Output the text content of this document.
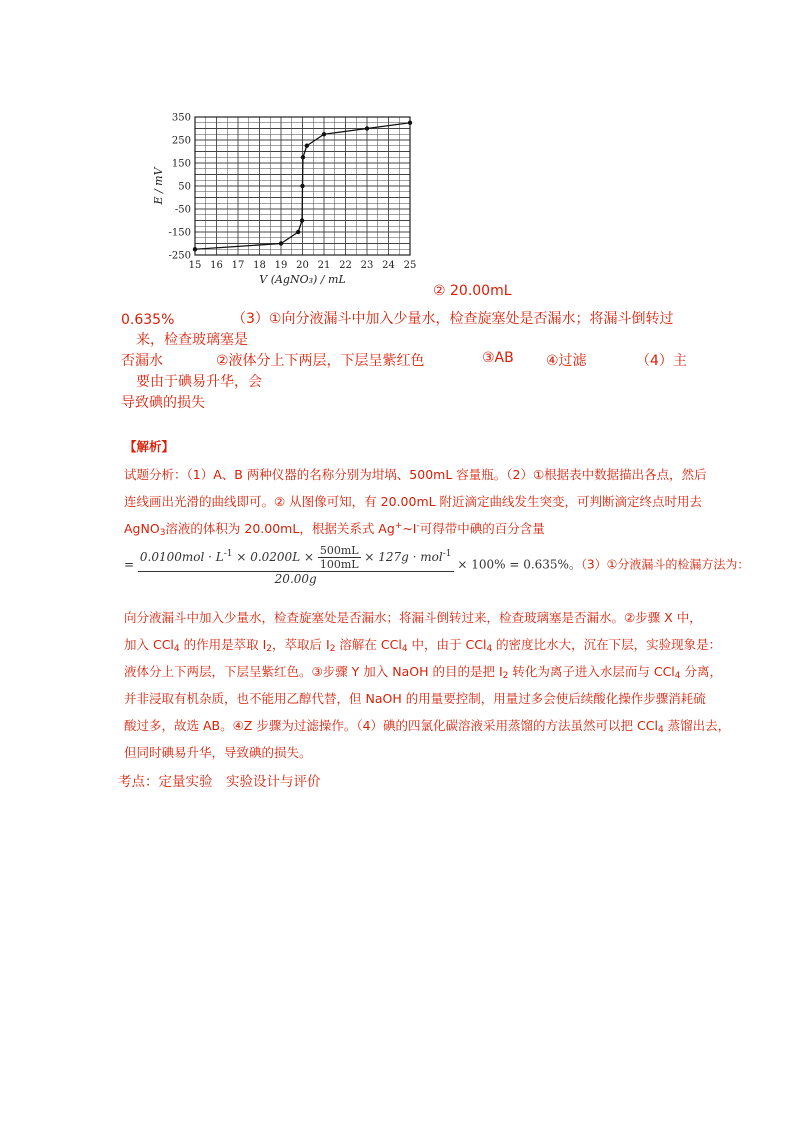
15 16 17 18 19 20 21 22 23 24 25
350
250
150
50
-50
-150
-250
V (AgNO₃) / mL
E / mV
② 20.00mL
0.635%	（3）①向分液漏斗中加入少量水，检查旋塞处是否漏水；将漏斗倒转过
来，检查玻璃塞是
否漏水	②液体分上下两层，下层呈紫红色	③AB ④过滤	（4）主
要由于碘易升华，会
导致碘的损失
【解析】
试题分析：（1）A、B 两种仪器的名称分别为坩埚、500mL 容量瓶。（2）①根据表中数据描出各点，然后
连线画出光滑的曲线即可。② 从图像可知，有 20.00mL 附近滴定曲线发生突变，可判断滴定终点时用去
AgNO$_3$溶液的体积为 20.00mL，根据关系式 Ag+~I-可得带中碘的百分含量
= $\frac{0.0100mol \cdot L^{-1} \times 0.0200L \times \frac{500mL}{100mL} \times 127g \cdot mol^{-1}}{20.00g} \times 100\% = 0.635\%$。（3）①分液漏斗的检漏方法为：
向分液漏斗中加入少量水，检查旋塞处是否漏水；将漏斗倒转过来，检查玻璃塞是否漏水。②步骤 X 中，
加入 CCl$_4$ 的作用是萃取 $I_2$，萃取后 $I_2$ 溶解在 CCl$_4$ 中，由于 CCl$_4$ 的密度比水大，沉在下层，实验现象是：
液体分上下两层，下层呈紫红色。③步骤 Y 加入 NaOH 的目的是把 $I_2$ 转化为离子进入水层而与 CCl$_4$ 分离，
并非浸取有机杂质，也不能用乙醇代替，但 NaOH 的用量要控制，用量过多会使后续酸化操作步骤消耗硫
酸过多，故选 AB。④Z 步骤为过滤操作。（4）碘的四氯化碳溶液采用蒸馏的方法虽然可以把 CCl$_4$ 蒸馏出去，
但同时碘易升华，导致碘的损失。
考点：定量实验　实验设计与评价
